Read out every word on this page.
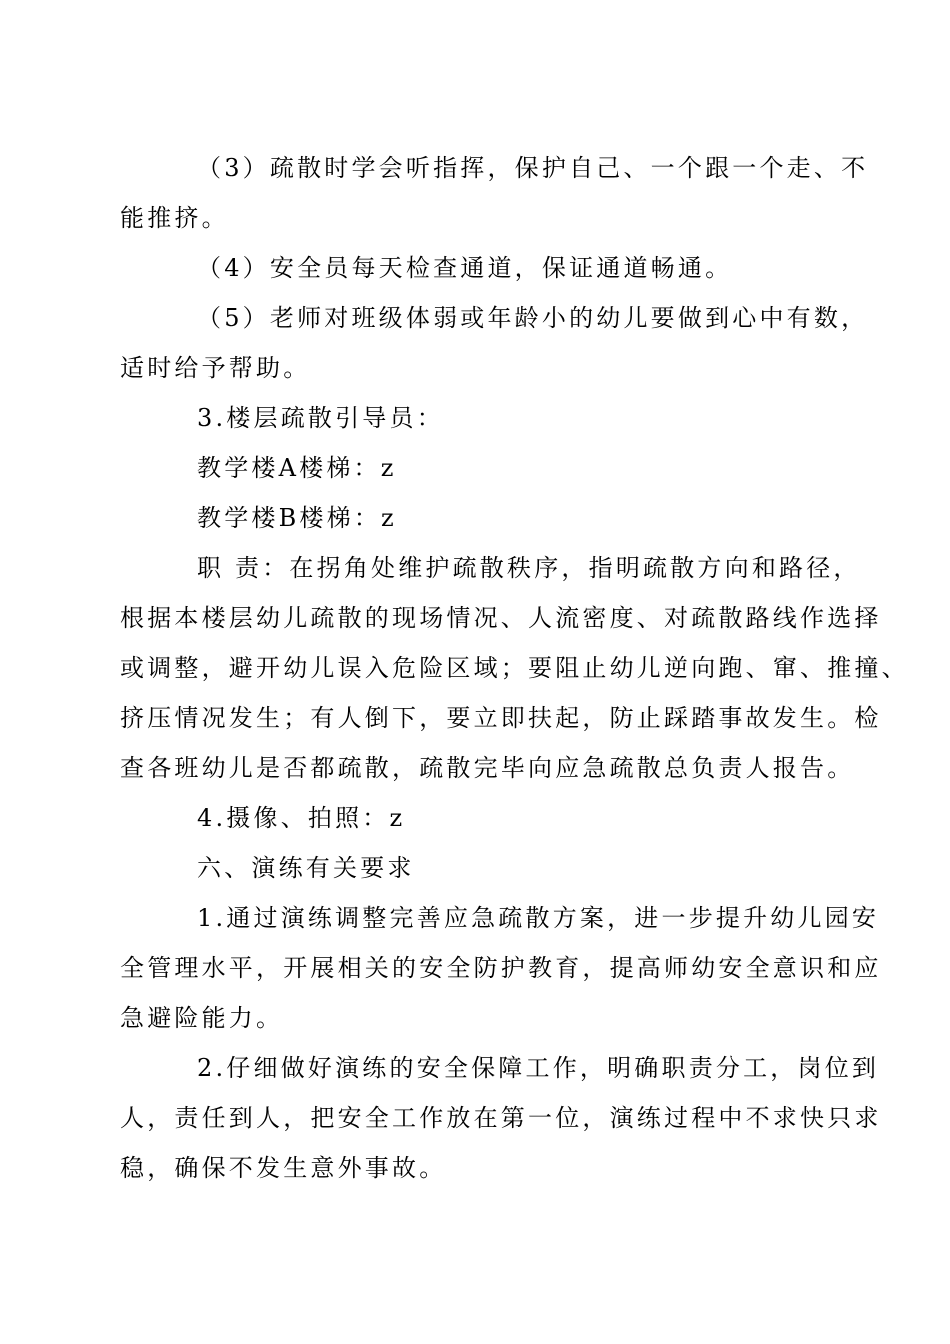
（3）疏散时学会听指挥，保护自己、一个跟一个走、不
能推挤。
（4）安全员每天检查通道，保证通道畅通。
（5）老师对班级体弱或年龄小的幼儿要做到心中有数，
适时给予帮助。
3.楼层疏散引导员：
教学楼A楼梯：z
教学楼B楼梯：z
职 责：在拐角处维护疏散秩序，指明疏散方向和路径，
根据本楼层幼儿疏散的现场情况、人流密度、对疏散路线作选择
或调整，避开幼儿误入危险区域；要阻止幼儿逆向跑、窜、推撞、
挤压情况发生；有人倒下，要立即扶起，防止踩踏事故发生。检
查各班幼儿是否都疏散，疏散完毕向应急疏散总负责人报告。
4.摄像、拍照：z
六、演练有关要求
1.通过演练调整完善应急疏散方案，进一步提升幼儿园安
全管理水平，开展相关的安全防护教育，提高师幼安全意识和应
急避险能力。
2.仔细做好演练的安全保障工作，明确职责分工，岗位到
人，责任到人，把安全工作放在第一位，演练过程中不求快只求
稳，确保不发生意外事故。
